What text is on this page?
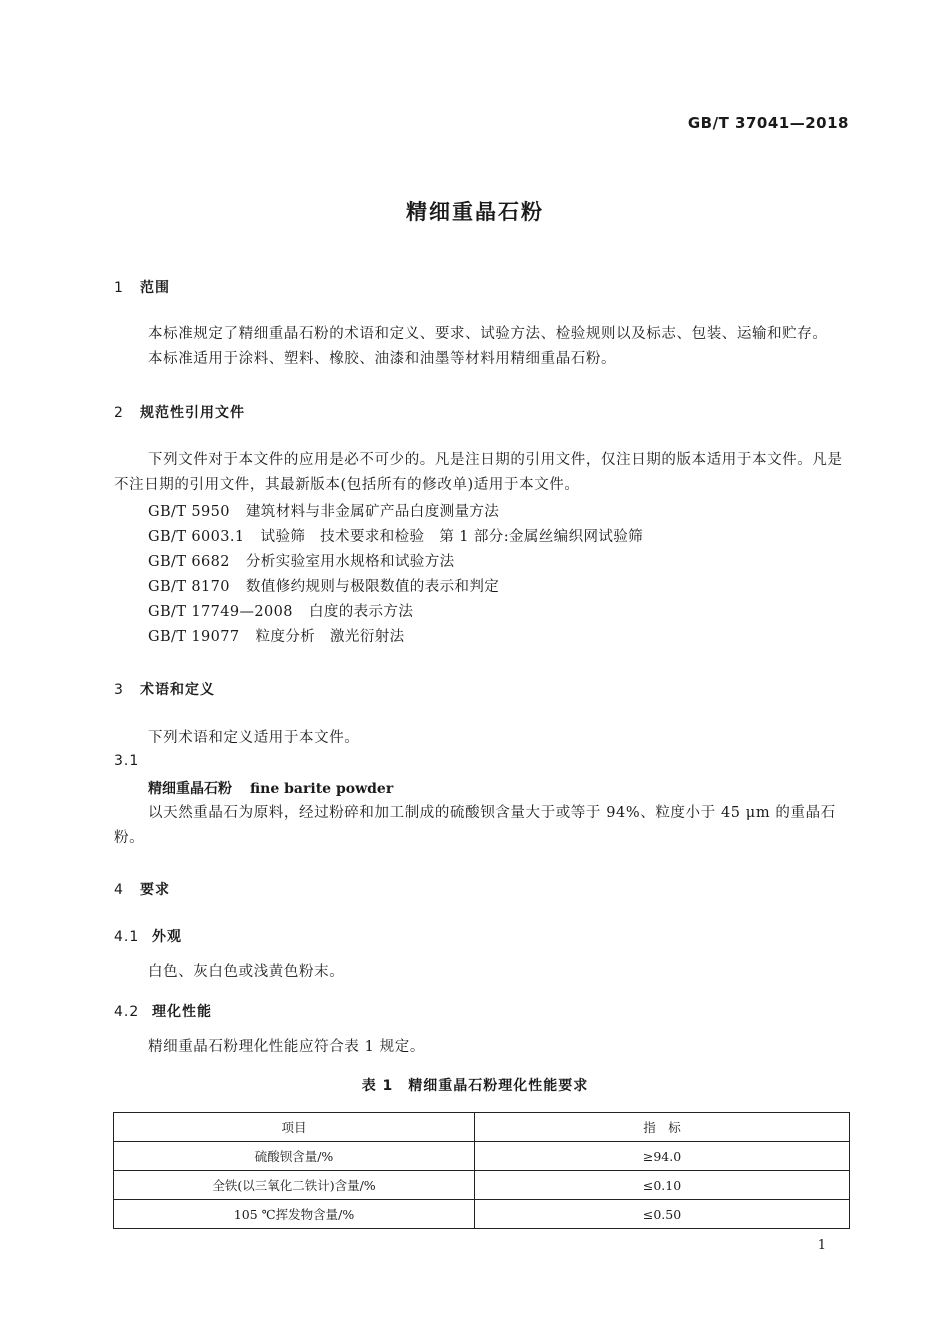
GB/T 37041—2018
精细重晶石粉
1 范围
本标准规定了精细重晶石粉的术语和定义、要求、试验方法、检验规则以及标志、包装、运输和贮存。
本标准适用于涂料、塑料、橡胶、油漆和油墨等材料用精细重晶石粉。
2 规范性引用文件
下列文件对于本文件的应用是必不可少的。凡是注日期的引用文件，仅注日期的版本适用于本文件。凡是不注日期的引用文件，其最新版本(包括所有的修改单)适用于本文件。
GB/T 5950 建筑材料与非金属矿产品白度测量方法
GB/T 6003.1 试验筛　技术要求和检验　第 1 部分:金属丝编织网试验筛
GB/T 6682 分析实验室用水规格和试验方法
GB/T 8170 数值修约规则与极限数值的表示和判定
GB/T 17749—2008 白度的表示方法
GB/T 19077 粒度分析　激光衍射法
3 术语和定义
下列术语和定义适用于本文件。
3.1
精细重晶石粉 fine barite powder
以天然重晶石为原料，经过粉碎和加工制成的硫酸钡含量大于或等于 94%、粒度小于 45 μm 的重晶石粉。
4 要求
4.1 外观
白色、灰白色或浅黄色粉末。
4.2 理化性能
精细重晶石粉理化性能应符合表 1 规定。
表 1　精细重晶石粉理化性能要求
项目	指　标
硫酸钡含量/%	≥94.0
全铁(以三氧化二铁计)含量/%	≤0.10
105 ℃挥发物含量/%	≤0.50
1
